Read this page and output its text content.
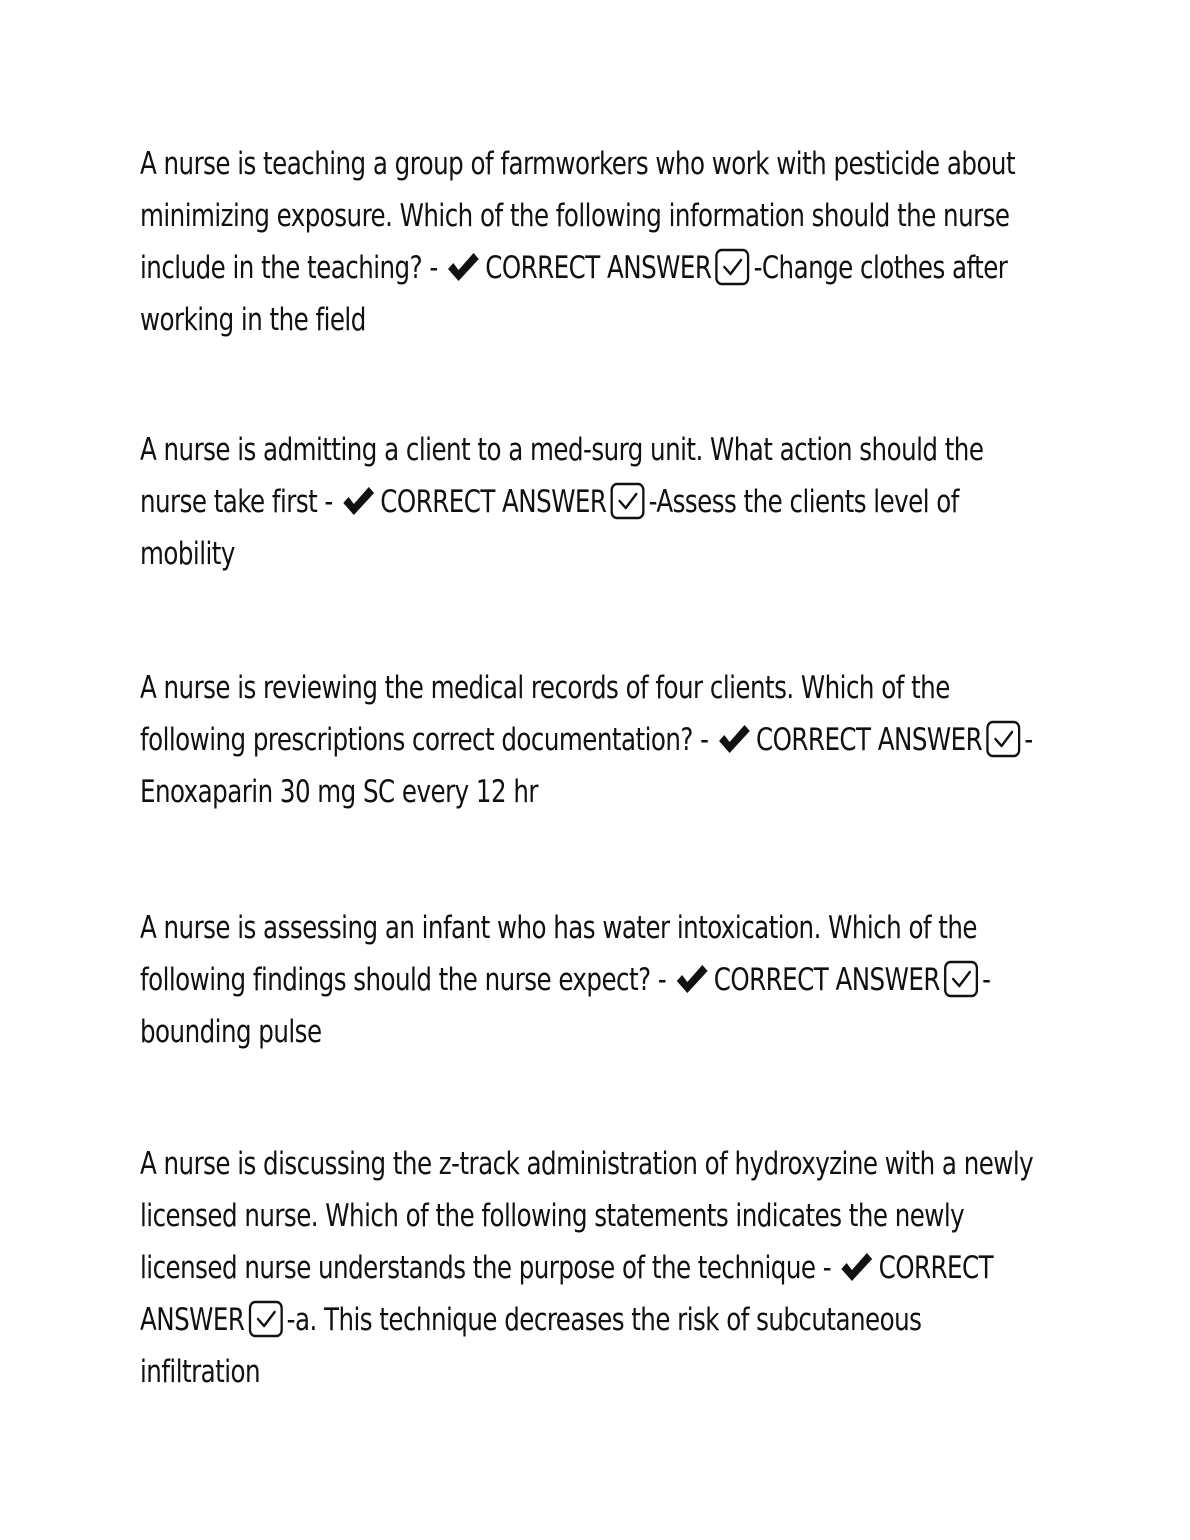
A nurse is teaching a group of farmworkers who work with pesticide about minimizing exposure. Which of the following information should the nurse include in the teaching? - CORRECT ANSWER -Change clothes after working in the field

A nurse is admitting a client to a med-surg unit. What action should the nurse take first - CORRECT ANSWER -Assess the clients level of mobility

A nurse is reviewing the medical records of four clients. Which of the following prescriptions correct documentation? - CORRECT ANSWER -Enoxaparin 30 mg SC every 12 hr

A nurse is assessing an infant who has water intoxication. Which of the following findings should the nurse expect? - CORRECT ANSWER -bounding pulse

A nurse is discussing the z-track administration of hydroxyzine with a newly licensed nurse. Which of the following statements indicates the newly licensed nurse understands the purpose of the technique - CORRECT ANSWER -a. This technique decreases the risk of subcutaneous infiltration
